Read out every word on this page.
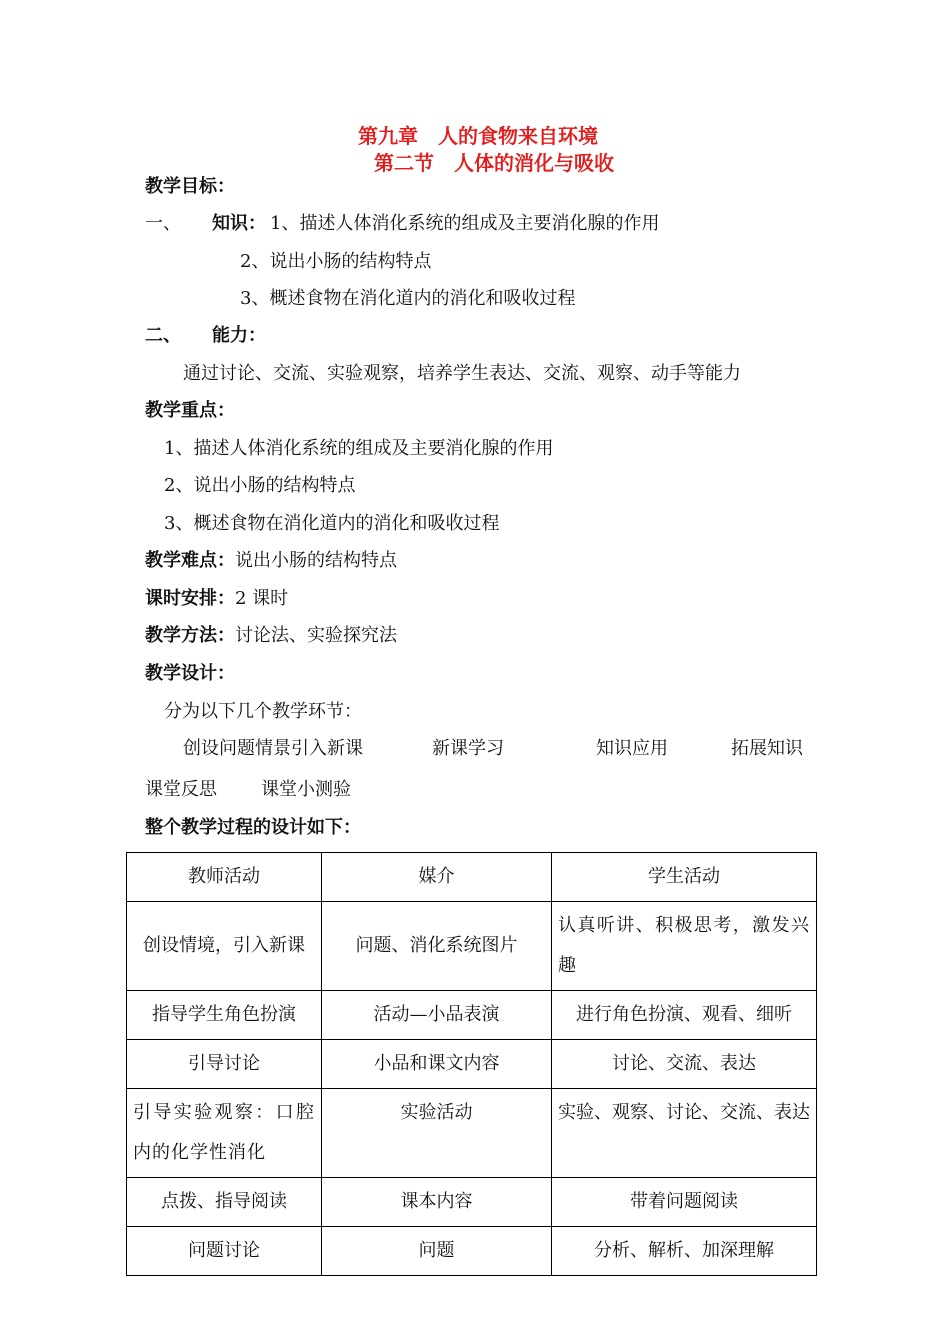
第九章　人的食物来自环境
第二节　人体的消化与吸收
教学目标：
一、 知识： 1、描述人体消化系统的组成及主要消化腺的作用
2、说出小肠的结构特点
3、概述食物在消化道内的消化和吸收过程
二、 能力：
通过讨论、交流、实验观察，培养学生表达、交流、观察、动手等能力
教学重点：
1、描述人体消化系统的组成及主要消化腺的作用
2、说出小肠的结构特点
3、概述食物在消化道内的消化和吸收过程
教学难点：说出小肠的结构特点
课时安排：2 课时
教学方法：讨论法、实验探究法
教学设计：
分为以下几个教学环节：
创设问题情景引入新课	新课学习	知识应用	拓展知识
课堂反思 课堂小测验
整个教学过程的设计如下：
教师活动	媒介	学生活动
创设情境，引入新课	问题、消化系统图片	认真听讲、积极思考，激发兴趣
指导学生角色扮演	活动—小品表演	进行角色扮演、观看、细听
引导讨论	小品和课文内容	讨论、交流、表达
引导实验观察：口腔内的化学性消化	实验活动	实验、观察、讨论、交流、表达
点拨、指导阅读	课本内容	带着问题阅读
问题讨论	问题	分析、解析、加深理解
